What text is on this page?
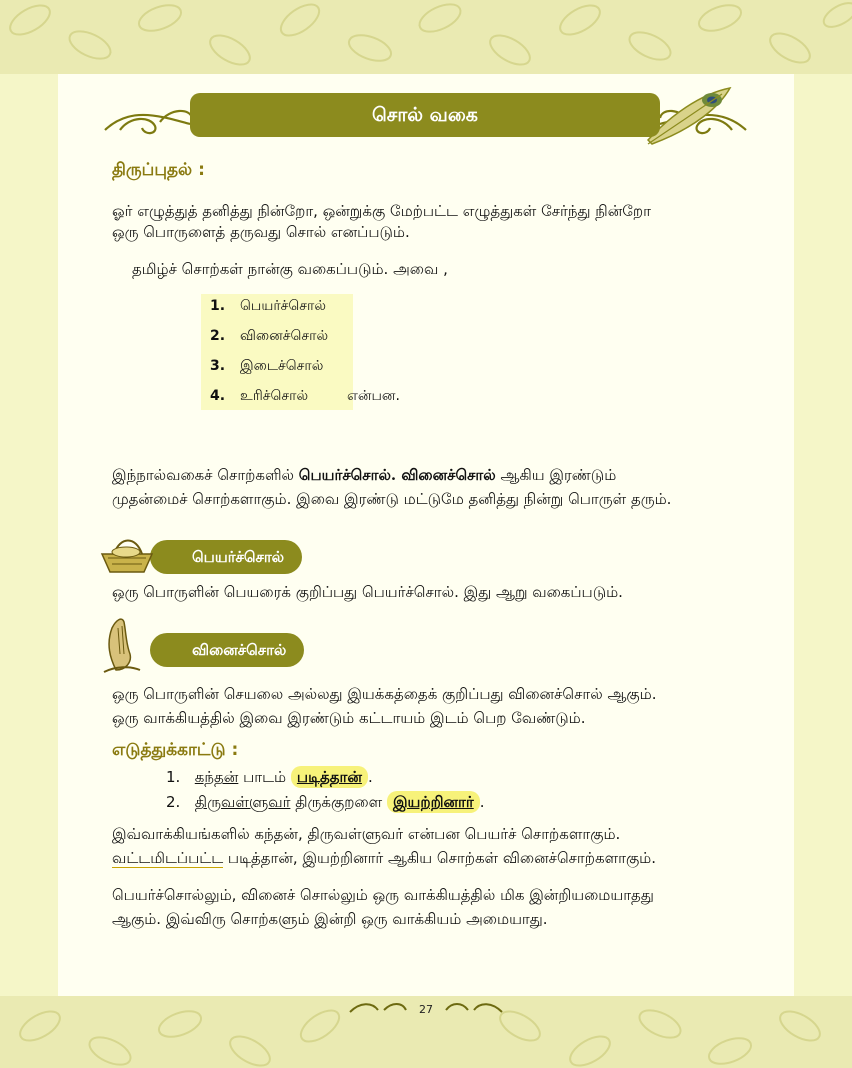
சொல் வகை
திருப்புதல் :
ஓர் எழுத்துத் தனித்து நின்றோ, ஒன்றுக்கு மேற்பட்ட எழுத்துகள் சேர்ந்து நின்றோ
ஒரு பொருளைத் தருவது சொல் எனப்படும்.
தமிழ்ச் சொற்கள் நான்கு வகைப்படும். அவை ,
1. பெயர்ச்சொல்
2. வினைச்சொல்
3. இடைச்சொல்
4. உரிச்சொல்	என்பன.
இந்நால்வகைச் சொற்களில் பெயர்ச்சொல். வினைச்சொல் ஆகிய இரண்டும்
முதன்மைச் சொற்களாகும். இவை இரண்டு மட்டுமே தனித்து நின்று பொருள் தரும்.
பெயர்ச்சொல்
ஒரு பொருளின் பெயரைக் குறிப்பது பெயர்ச்சொல். இது ஆறு வகைப்படும்.
வினைச்சொல்
ஒரு பொருளின் செயலை அல்லது இயக்கத்தைக் குறிப்பது வினைச்சொல் ஆகும்.
ஒரு வாக்கியத்தில் இவை இரண்டும் கட்டாயம் இடம் பெற வேண்டும்.
எடுத்துக்காட்டு :
1. கந்தன் பாடம் படித்தான் .
2. திருவள்ளுவர் திருக்குறளை இயற்றினார் .
இவ்வாக்கியங்களில் கந்தன், திருவள்ளுவர் என்பன பெயர்ச் சொற்களாகும்.
வட்டமிடப்பட்ட படித்தான், இயற்றினார் ஆகிய சொற்கள் வினைச்சொற்களாகும்.
பெயர்ச்சொல்லும், வினைச் சொல்லும் ஒரு வாக்கியத்தில் மிக இன்றியமையாதது
ஆகும். இவ்விரு சொற்களும் இன்றி ஒரு வாக்கியம் அமையாது.
27
